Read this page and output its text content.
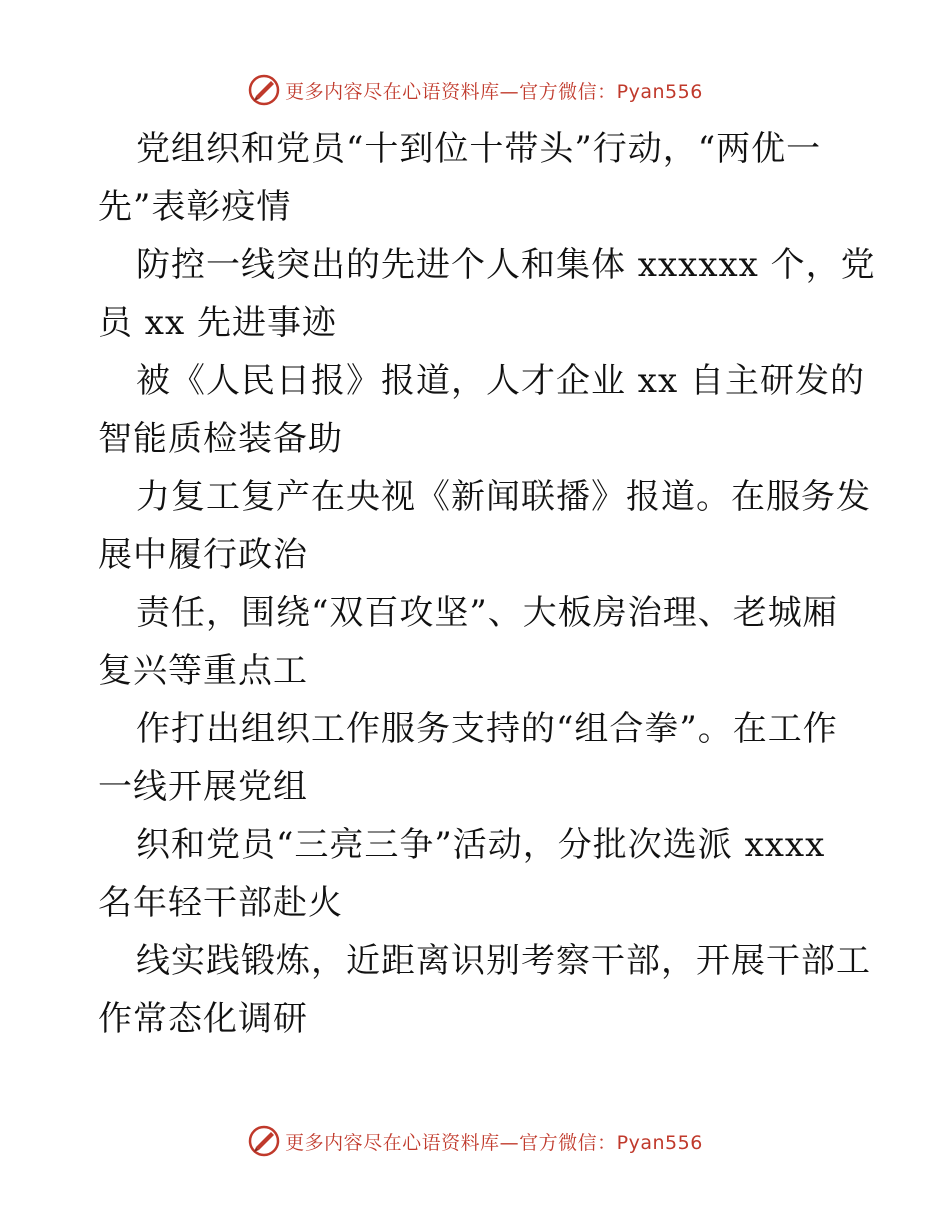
更多内容尽在心语资料库—官方微信：Pyan556
党组织和党员“十到位十带头”行动，“两优一
先”表彰疫情
防控一线突出的先进个人和集体 xxxxxx 个，党
员 xx 先进事迹
被《人民日报》报道，人才企业 xx 自主研发的
智能质检装备助
力复工复产在央视《新闻联播》报道。在服务发
展中履行政治
责任，围绕“双百攻坚”、大板房治理、老城厢
复兴等重点工
作打出组织工作服务支持的“组合拳”。在工作
一线开展党组
织和党员“三亮三争”活动，分批次选派 xxxx
名年轻干部赴火
线实践锻炼，近距离识别考察干部，开展干部工
作常态化调研
更多内容尽在心语资料库—官方微信：Pyan556
